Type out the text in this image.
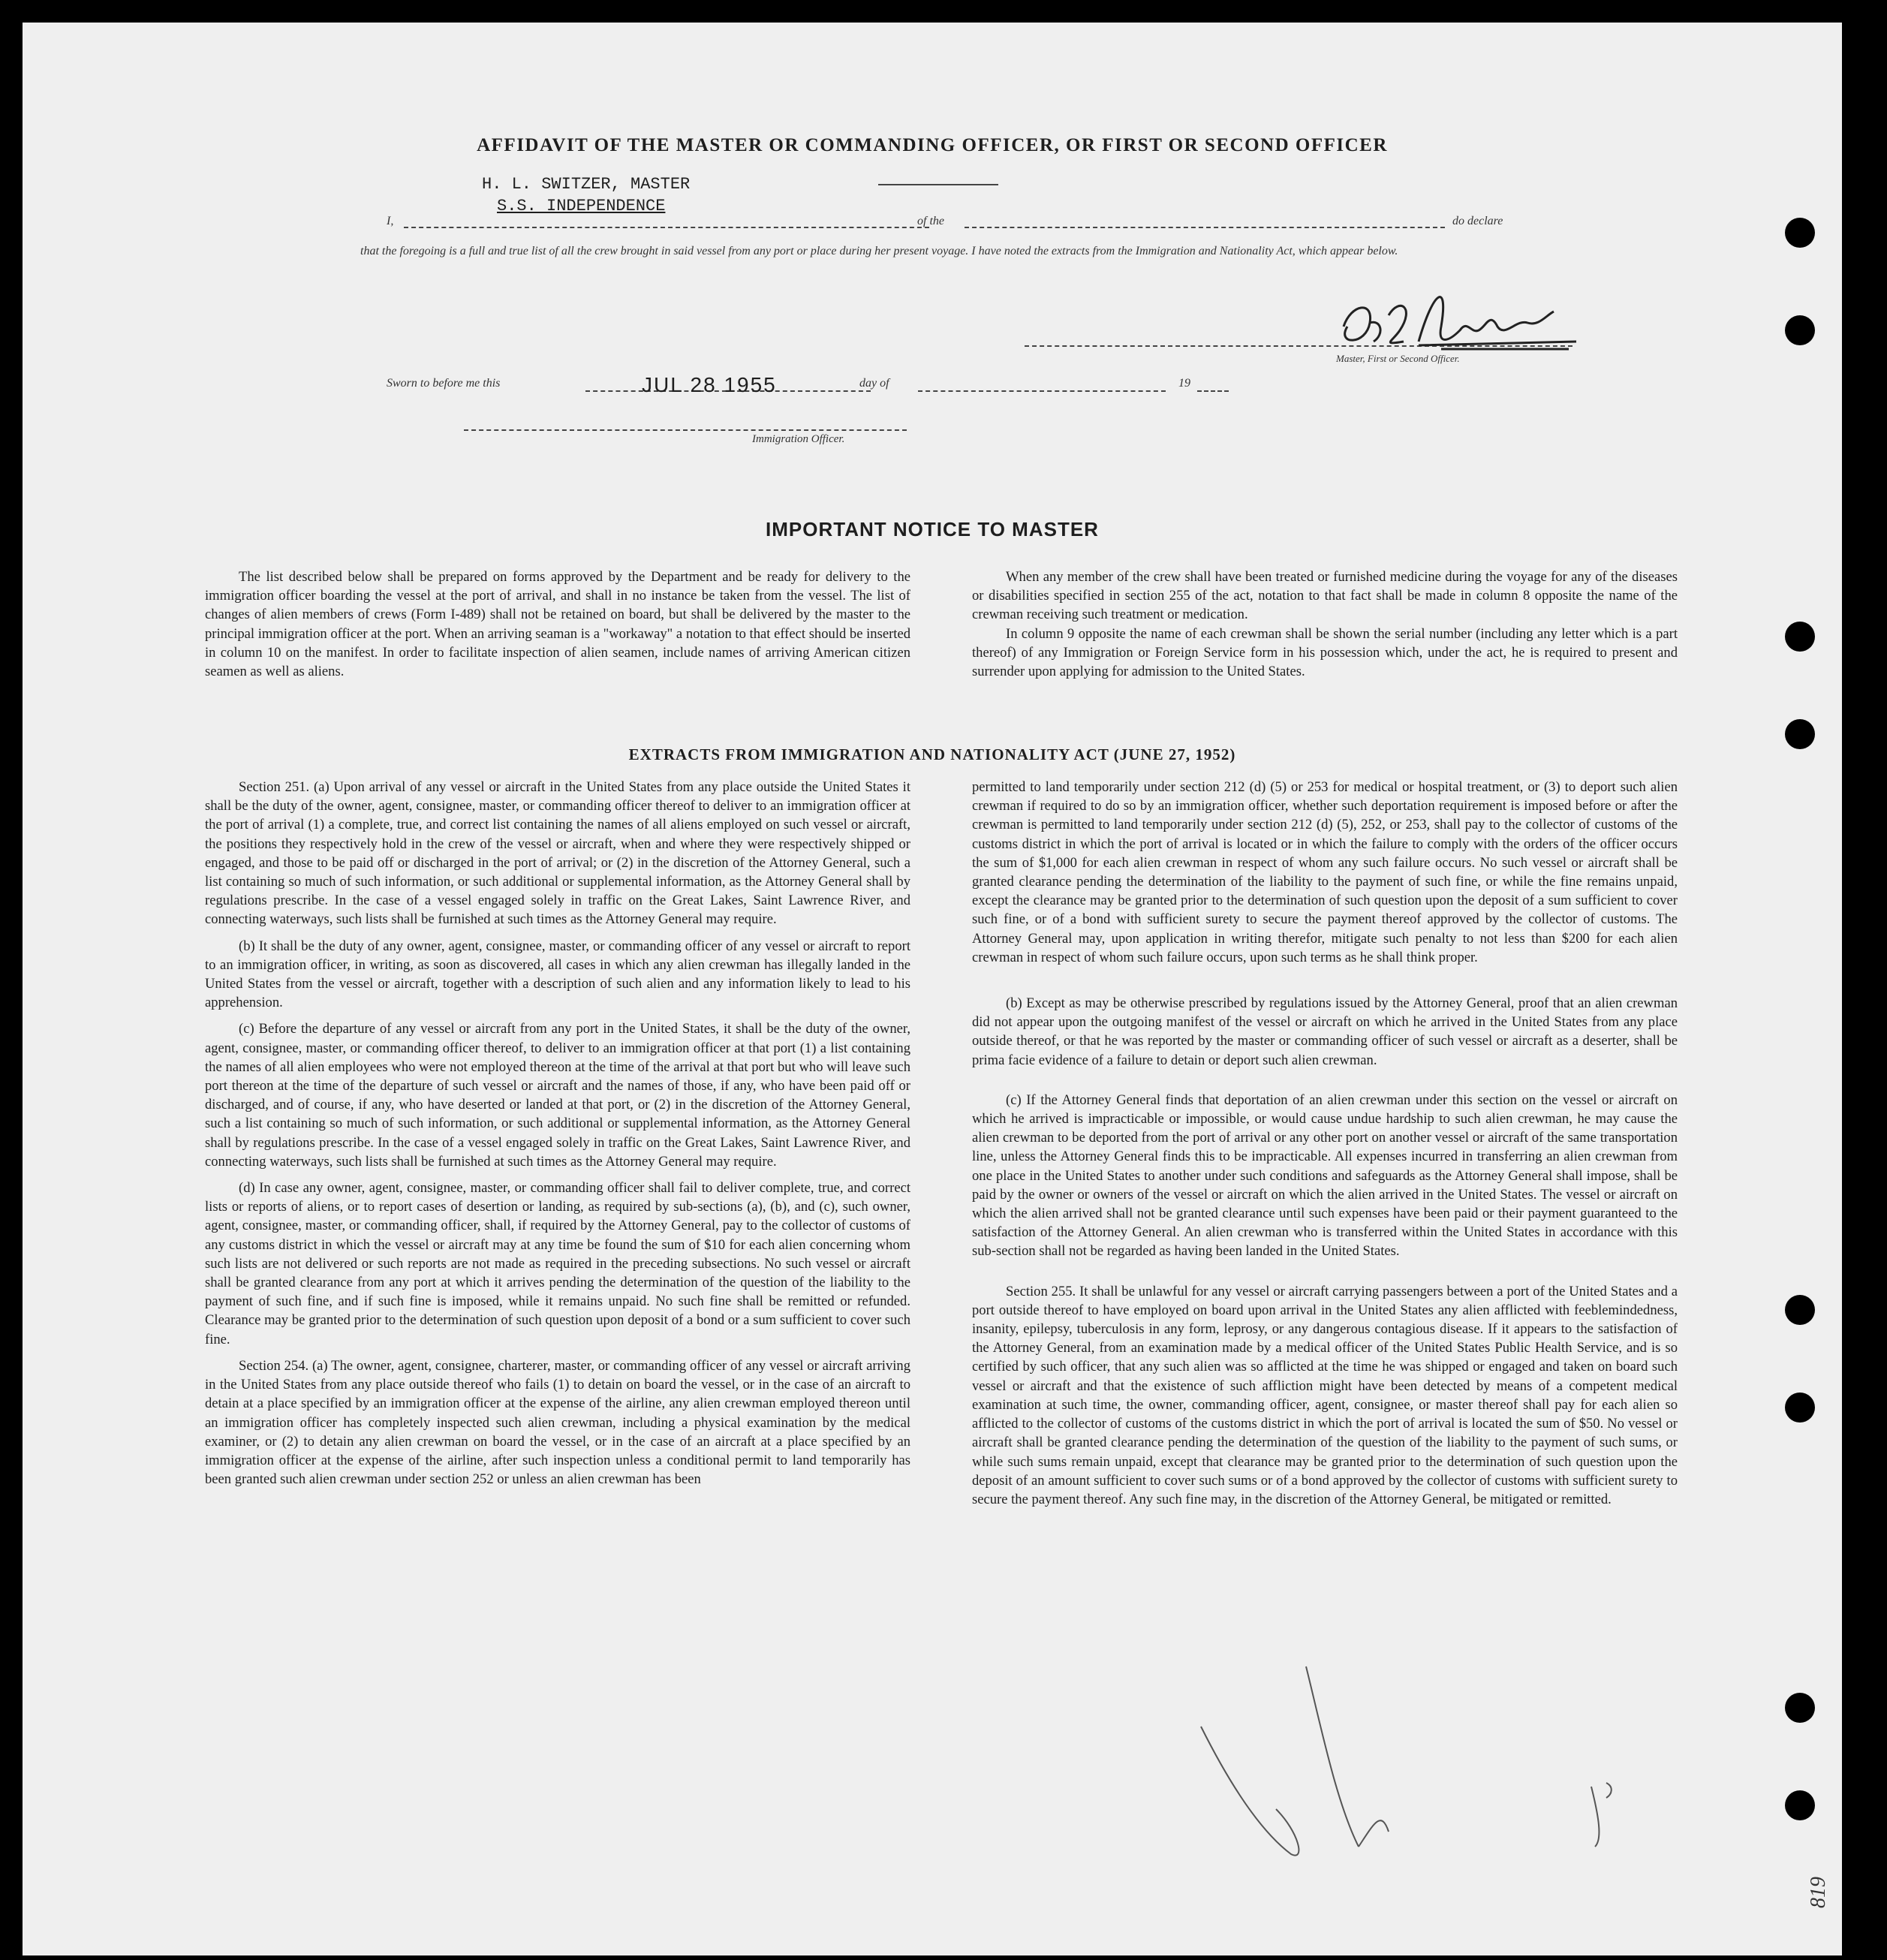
AFFIDAVIT OF THE MASTER OR COMMANDING OFFICER, OR FIRST OR SECOND OFFICER
H. L. SWITZER, MASTER
S.S. INDEPENDENCE
I,	of the	do declare
that the foregoing is a full and true list of all the crew brought in said vessel from any port or place during her present voyage. I have noted the extracts from the Immigration and Nationality Act, which appear below.
Master, First or Second Officer.
Sworn to before me this	JUL 28 1955	day of	19
Immigration Officer.
IMPORTANT NOTICE TO MASTER

The list described below shall be prepared on forms approved by the Department and be ready for delivery to the immigration officer boarding the vessel at the port of arrival, and shall in no instance be taken from the vessel. The list of changes of alien members of crews (Form I-489) shall not be retained on board, but shall be delivered by the master to the principal immigration officer at the port. When an arriving seaman is a "workaway" a notation to that effect should be inserted in column 10 on the manifest. In order to facilitate inspection of alien seamen, include names of arriving American citizen seamen as well as aliens.

When any member of the crew shall have been treated or furnished medicine during the voyage for any of the diseases or disabilities specified in section 255 of the act, notation to that fact shall be made in column 8 opposite the name of the crewman receiving such treatment or medication.

In column 9 opposite the name of each crewman shall be shown the serial number (including any letter which is a part thereof) of any Immigration or Foreign Service form in his possession which, under the act, he is required to present and surrender upon applying for admission to the United States.

EXTRACTS FROM IMMIGRATION AND NATIONALITY ACT (JUNE 27, 1952)

Section 251. (a) Upon arrival of any vessel or aircraft in the United States from any place outside the United States it shall be the duty of the owner, agent, consignee, master, or commanding officer thereof to deliver to an immigration officer at the port of arrival (1) a complete, true, and correct list containing the names of all aliens employed on such vessel or aircraft, the positions they respectively hold in the crew of the vessel or aircraft, when and where they were respectively shipped or engaged, and those to be paid off or discharged in the port of arrival; or (2) in the discretion of the Attorney General, such a list containing so much of such information, or such additional or supplemental information, as the Attorney General shall by regulations prescribe. In the case of a vessel engaged solely in traffic on the Great Lakes, Saint Lawrence River, and connecting waterways, such lists shall be furnished at such times as the Attorney General may require.

(b) It shall be the duty of any owner, agent, consignee, master, or commanding officer of any vessel or aircraft to report to an immigration officer, in writing, as soon as discovered, all cases in which any alien crewman has illegally landed in the United States from the vessel or aircraft, together with a description of such alien and any information likely to lead to his apprehension.

(c) Before the departure of any vessel or aircraft from any port in the United States, it shall be the duty of the owner, agent, consignee, master, or commanding officer thereof, to deliver to an immigration officer at that port (1) a list containing the names of all alien employees who were not employed thereon at the time of the arrival at that port but who will leave such port thereon at the time of the departure of such vessel or aircraft and the names of those, if any, who have been paid off or discharged, and of course, if any, who have deserted or landed at that port, or (2) in the discretion of the Attorney General, such a list containing so much of such information, or such additional or supplemental information, as the Attorney General shall by regulations prescribe. In the case of a vessel engaged solely in traffic on the Great Lakes, Saint Lawrence River, and connecting waterways, such lists shall be furnished at such times as the Attorney General may require.

(d) In case any owner, agent, consignee, master, or commanding officer shall fail to deliver complete, true, and correct lists or reports of aliens, or to report cases of desertion or landing, as required by sub-sections (a), (b), and (c), such owner, agent, consignee, master, or commanding officer, shall, if required by the Attorney General, pay to the collector of customs of any customs district in which the vessel or aircraft may at any time be found the sum of $10 for each alien concerning whom such lists are not delivered or such reports are not made as required in the preceding subsections. No such vessel or aircraft shall be granted clearance from any port at which it arrives pending the determination of the question of the liability to the payment of such fine, and if such fine is imposed, while it remains unpaid. No such fine shall be remitted or refunded. Clearance may be granted prior to the determination of such question upon deposit of a bond or a sum sufficient to cover such fine.

Section 254. (a) The owner, agent, consignee, charterer, master, or commanding officer of any vessel or aircraft arriving in the United States from any place outside thereof who fails (1) to detain on board the vessel, or in the case of an aircraft to detain at a place specified by an immigration officer at the expense of the airline, any alien crewman employed thereon until an immigration officer has completely inspected such alien crewman, including a physical examination by the medical examiner, or (2) to detain any alien crewman on board the vessel, or in the case of an aircraft at a place specified by an immigration officer at the expense of the airline, after such inspection unless a conditional permit to land temporarily has been granted such alien crewman under section 252 or unless an alien crewman has been

permitted to land temporarily under section 212 (d) (5) or 253 for medical or hospital treatment, or (3) to deport such alien crewman if required to do so by an immigration officer, whether such deportation requirement is imposed before or after the crewman is permitted to land temporarily under section 212 (d) (5), 252, or 253, shall pay to the collector of customs of the customs district in which the port of arrival is located or in which the failure to comply with the orders of the officer occurs the sum of $1,000 for each alien crewman in respect of whom any such failure occurs. No such vessel or aircraft shall be granted clearance pending the determination of the liability to the payment of such fine, or while the fine remains unpaid, except the clearance may be granted prior to the determination of such question upon the deposit of a sum sufficient to cover such fine, or of a bond with sufficient surety to secure the payment thereof approved by the collector of customs. The Attorney General may, upon application in writing therefor, mitigate such penalty to not less than $200 for each alien crewman in respect of whom such failure occurs, upon such terms as he shall think proper.

(b) Except as may be otherwise prescribed by regulations issued by the Attorney General, proof that an alien crewman did not appear upon the outgoing manifest of the vessel or aircraft on which he arrived in the United States from any place outside thereof, or that he was reported by the master or commanding officer of such vessel or aircraft as a deserter, shall be prima facie evidence of a failure to detain or deport such alien crewman.

(c) If the Attorney General finds that deportation of an alien crewman under this section on the vessel or aircraft on which he arrived is impracticable or impossible, or would cause undue hardship to such alien crewman, he may cause the alien crewman to be deported from the port of arrival or any other port on another vessel or aircraft of the same transportation line, unless the Attorney General finds this to be impracticable. All expenses incurred in transferring an alien crewman from one place in the United States to another under such conditions and safeguards as the Attorney General shall impose, shall be paid by the owner or owners of the vessel or aircraft on which the alien arrived in the United States. The vessel or aircraft on which the alien arrived shall not be granted clearance until such expenses have been paid or their payment guaranteed to the satisfaction of the Attorney General. An alien crewman who is transferred within the United States in accordance with this sub-section shall not be regarded as having been landed in the United States.

Section 255. It shall be unlawful for any vessel or aircraft carrying passengers between a port of the United States and a port outside thereof to have employed on board upon arrival in the United States any alien afflicted with feeblemindedness, insanity, epilepsy, tuberculosis in any form, leprosy, or any dangerous contagious disease. If it appears to the satisfaction of the Attorney General, from an examination made by a medical officer of the United States Public Health Service, and is so certified by such officer, that any such alien was so afflicted at the time he was shipped or engaged and taken on board such vessel or aircraft and that the existence of such affliction might have been detected by means of a competent medical examination at such time, the owner, commanding officer, agent, consignee, or master thereof shall pay for each alien so afflicted to the collector of customs of the customs district in which the port of arrival is located the sum of $50. No vessel or aircraft shall be granted clearance pending the determination of the question of the liability to the payment of such sums, or while such sums remain unpaid, except that clearance may be granted prior to the determination of such question upon the deposit of an amount sufficient to cover such sums or of a bond approved by the collector of customs with sufficient surety to secure the payment thereof. Any such fine may, in the discretion of the Attorney General, be mitigated or remitted.

819
